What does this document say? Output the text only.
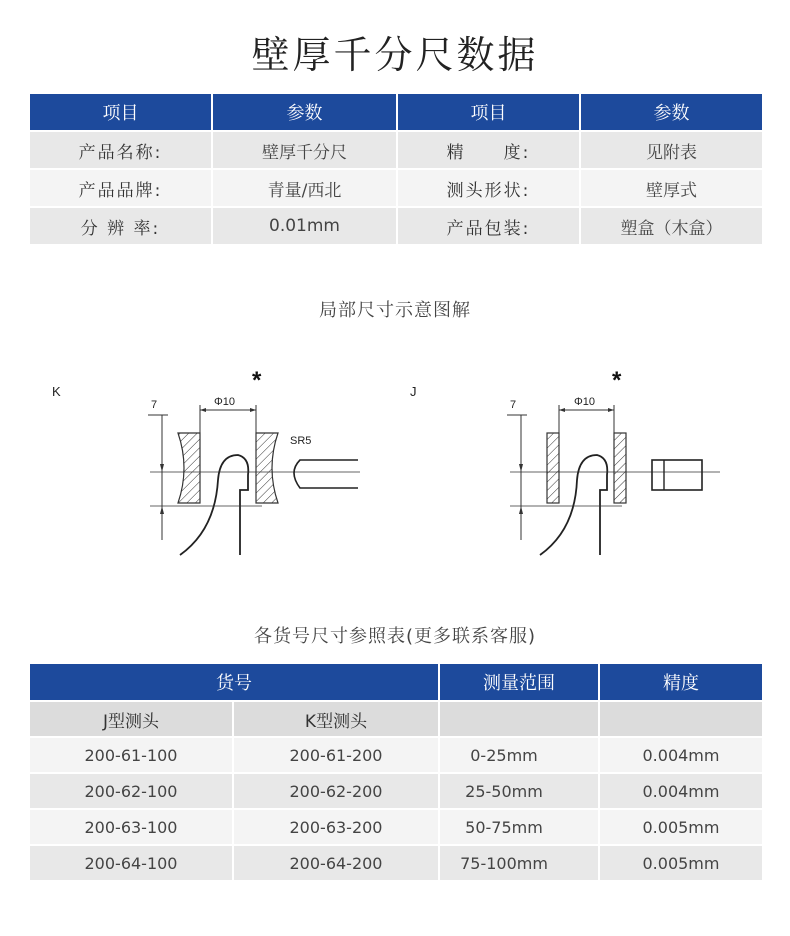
壁厚千分尺数据
项目	参数	项目	参数
产品名称:	壁厚千分尺	精　　度:	见附表
产品品牌:	青量/西北	测头形状:	壁厚式
分 辨 率:	0.01mm	产品包装:	塑盒（木盒）
局部尺寸示意图解
K	*
Φ10
7
SR5
J	*
Φ10
7
各货号尺寸参照表(更多联系客服)
货号		测量范围	精度
J型测头	K型测头		
200-61-100	200-61-200	0-25mm	0.004mm
200-62-100	200-62-200	25-50mm	0.004mm
200-63-100	200-63-200	50-75mm	0.005mm
200-64-100	200-64-200	75-100mm	0.005mm
